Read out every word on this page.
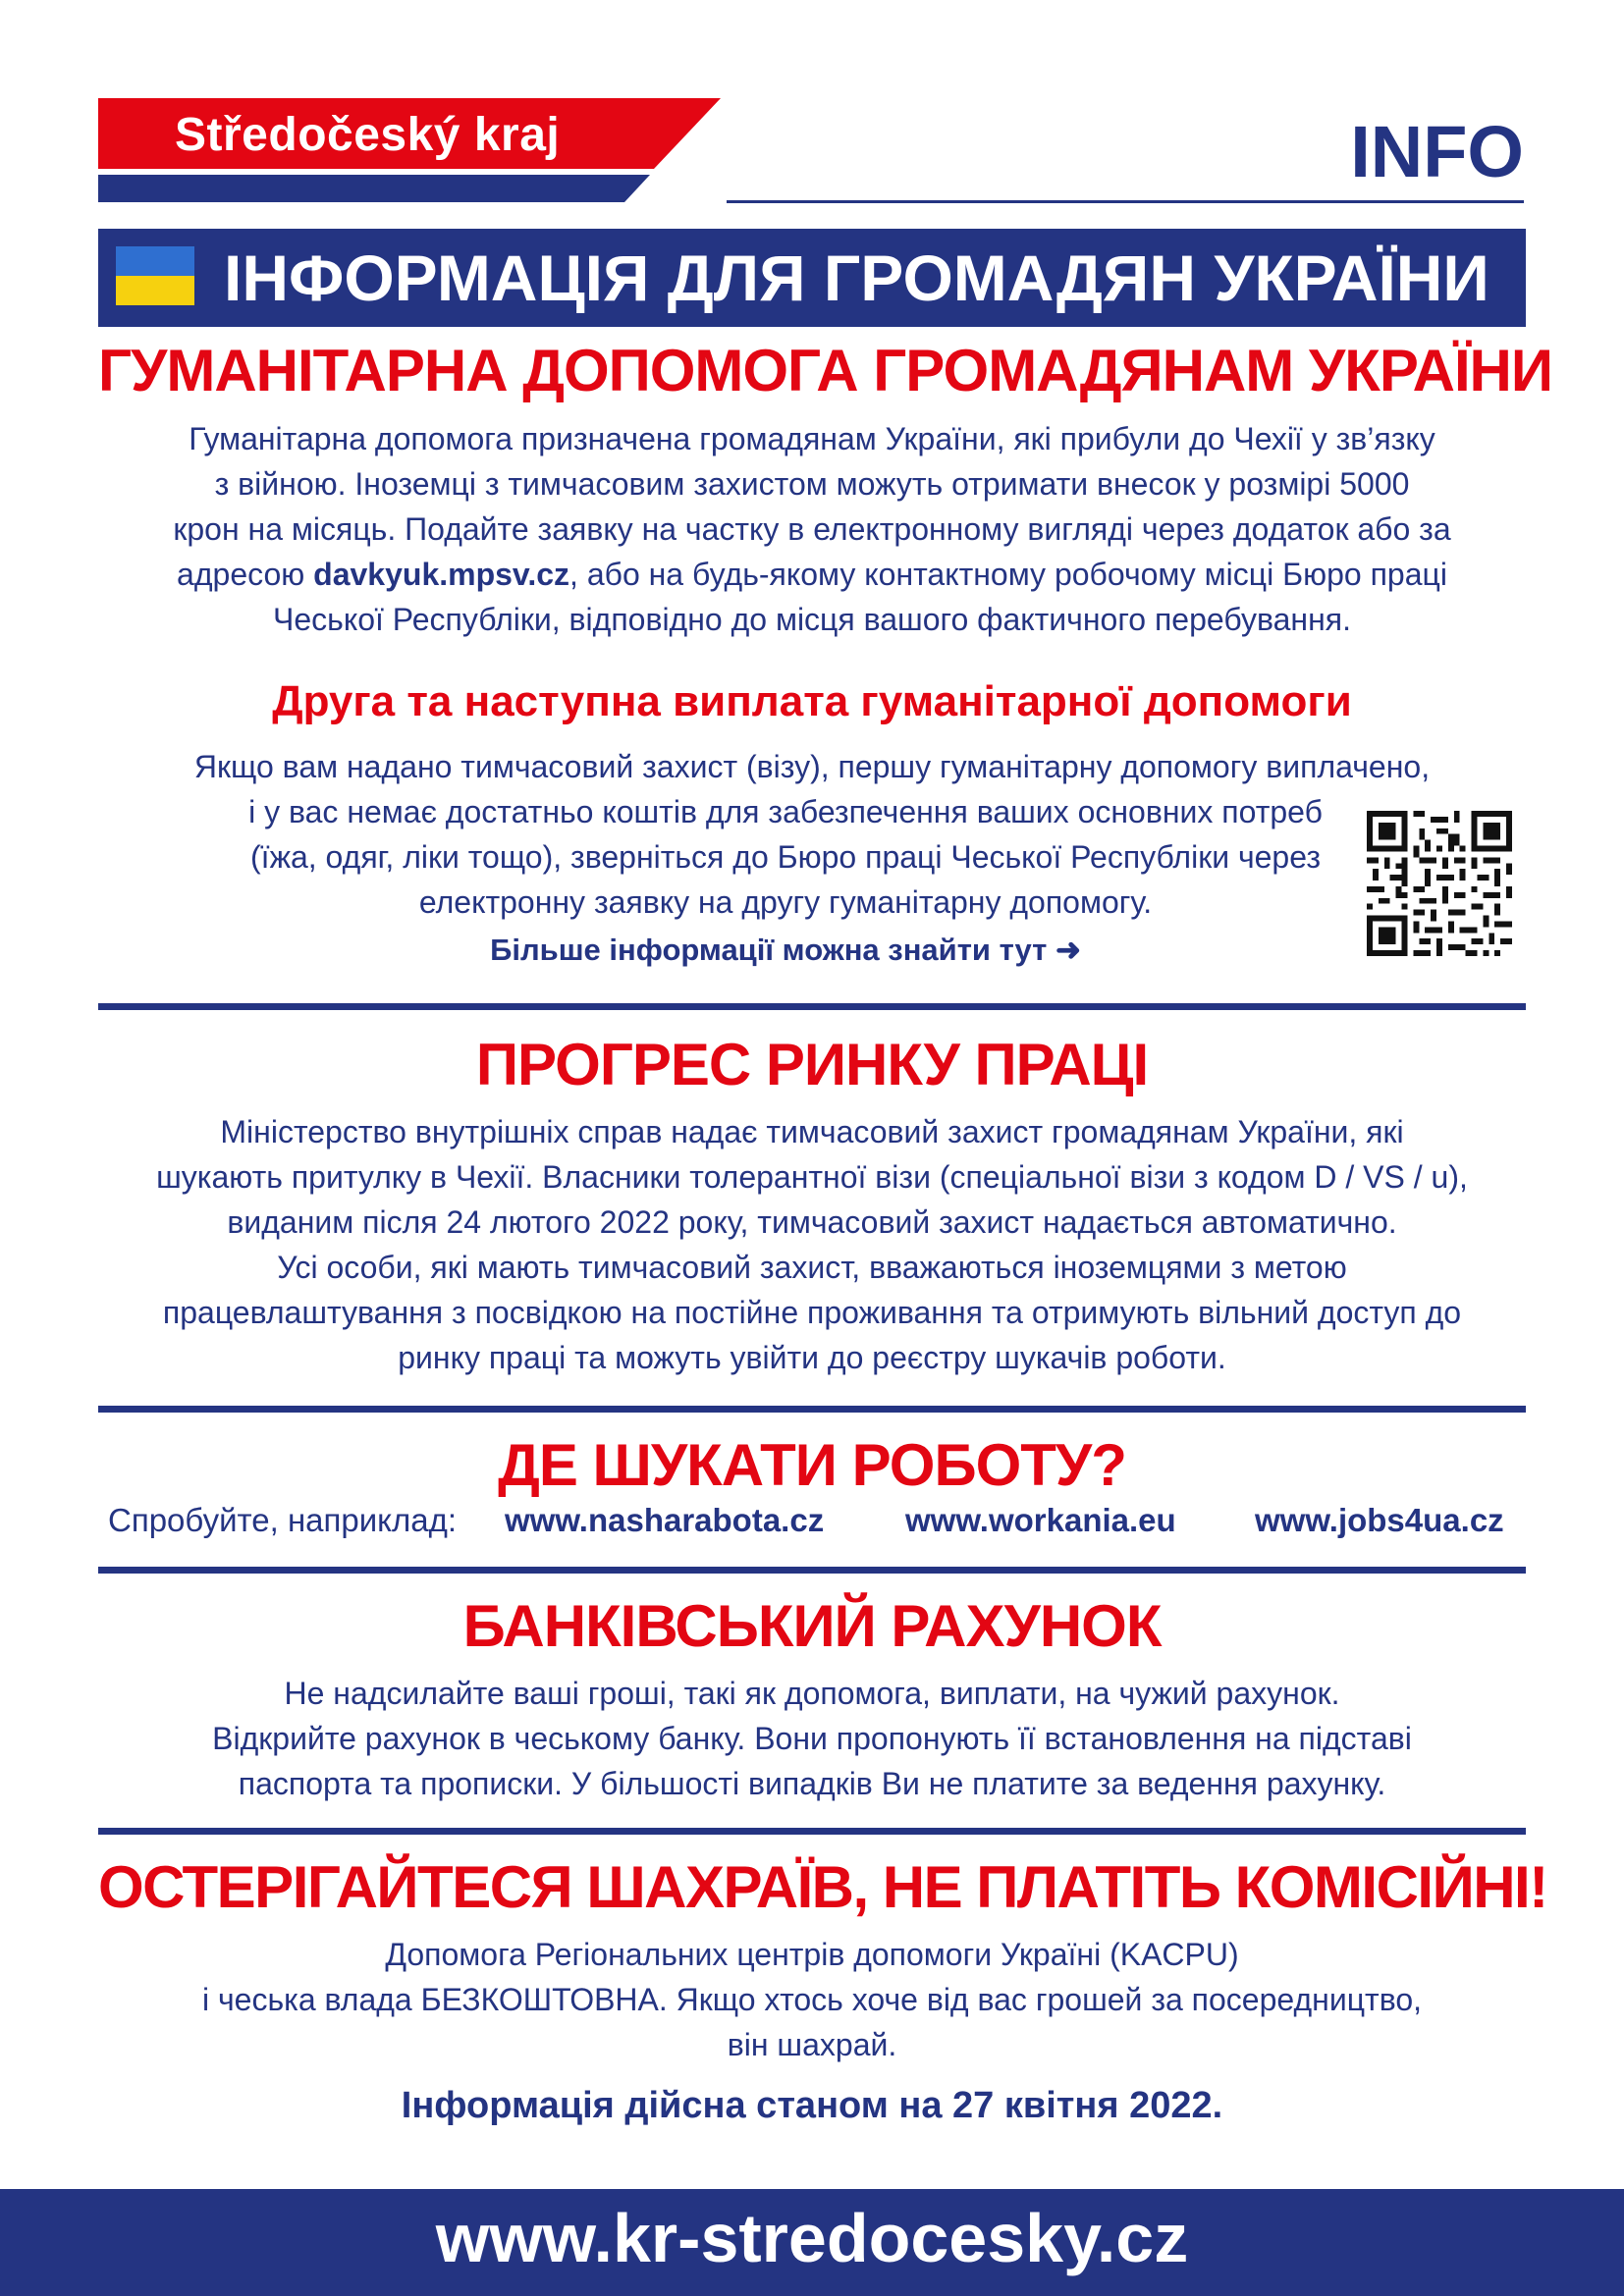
Středočeský kraj	INFO
ІНФОРМАЦІЯ ДЛЯ ГРОМАДЯН УКРАЇНИ
ГУМАНІТАРНА ДОПОМОГА ГРОМАДЯНАМ УКРАЇНИ
Гуманітарна допомога призначена громадянам України, які прибули до Чехії у зв’язку
з війною. Іноземці з тимчасовим захистом можуть отримати внесок у розмірі 5000
крон на місяць. Подайте заявку на частку в електронному вигляді через додаток або за
адресою davkyuk.mpsv.cz, або на будь-якому контактному робочому місці Бюро праці
Чеської Республіки, відповідно до місця вашого фактичного перебування.
Друга та наступна виплата гуманітарної допомоги
Якщо вам надано тимчасовий захист (візу), першу гуманітарну допомогу виплачено,
і у вас немає достатньо коштів для забезпечення ваших основних потреб
(їжа, одяг, ліки тощо), зверніться до Бюро праці Чеської Республіки через
електронну заявку на другу гуманітарну допомогу.
Більше інформації можна знайти тут ➜
ПРОГРЕС РИНКУ ПРАЦІ
Міністерство внутрішніх справ надає тимчасовий захист громадянам України, які
шукають притулку в Чехії. Власники толерантної візи (спеціальної візи з кодом D / VS / u),
виданим після 24 лютого 2022 року, тимчасовий захист надається автоматично.
Усі особи, які мають тимчасовий захист, вважаються іноземцями з метою
працевлаштування з посвідкою на постійне проживання та отримують вільний доступ до
ринку праці та можуть увійти до реєстру шукачів роботи.
ДЕ ШУКАТИ РОБОТУ?
Спробуйте, наприклад: www.nasharabota.cz	www.workania.eu www.jobs4ua.cz
БАНКІВСЬКИЙ РАХУНОК
Не надсилайте ваші гроші, такі як допомога, виплати, на чужий рахунок.
Відкрийте рахунок в чеському банку. Вони пропонують її встановлення на підставі
паспорта та прописки. У більшості випадків Ви не платите за ведення рахунку.
ОСТЕРІГАЙТЕСЯ ШАХРАЇВ, НЕ ПЛАТІТЬ КОМІСІЙНІ!
Допомога Регіональних центрів допомоги Україні (KACPU)
і чеська влада БЕЗКОШТОВНА. Якщо хтось хоче від вас грошей за посередництво,
він шахрай.
Інформація дійсна станом на 27 квітня 2022.
www.kr-stredocesky.cz
